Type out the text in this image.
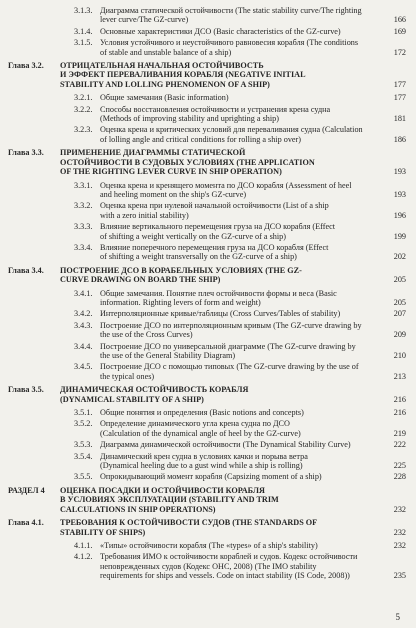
3.1.3. Диаграмма статической остойчивости (The static stability curve/The righting
lever curve/The GZ-curve)	166
3.1.4. Основные характеристики ДСО (Basic characteristics of the GZ-curve)	169
3.1.5. Условия устойчивого и неустойчивого равновесия корабля (The conditions
of stable and unstable balance of a ship)	172
Глава 3.2.	ОТРИЦАТЕЛЬНАЯ НАЧАЛЬНАЯ ОСТОЙЧИВОСТЬ
И ЭФФЕКТ ПЕРЕВАЛИВАНИЯ КОРАБЛЯ (NEGATIVE INITIAL
STABILITY AND LOLLING PHENOMENON OF A SHIP)	177
3.2.1. Общие замечания (Basic information)	177
3.2.2. Способы восстановления остойчивости и устранения крена судна
(Methods of improving stability and uprighting a ship)	181
3.2.3. Оценка крена и критических условий для переваливания судна (Calculation
of lolling angle and critical conditions for rolling a ship over)	186
Глава 3.3.	ПРИМЕНЕНИЕ ДИАГРАММЫ СТАТИЧЕСКОЙ
ОСТОЙЧИВОСТИ В СУДОВЫХ УСЛОВИЯХ (THE APPLICATION
OF THE RIGHTING LEVER CURVE IN SHIP OPERATION)	193
3.3.1. Оценка крена и кренящего момента по ДСО корабля (Assessment of heel
and heeling moment on the ship's GZ-curve)	193
3.3.2. Оценка крена при нулевой начальной остойчивости (List of a ship
with a zero initial stability)	196
3.3.3. Влияние вертикального перемещения груза на ДСО корабля (Effect
of shifting a weight vertically on the GZ-curve of a ship)	199
3.3.4. Влияние поперечного перемещения груза на ДСО корабля (Effect
of shifting a weight transversally on the GZ-curve of a ship)	202
Глава 3.4.	ПОСТРОЕНИЕ ДСО В КОРАБЕЛЬНЫХ УСЛОВИЯХ (THE GZ-
CURVE DRAWING ON BOARD THE SHIP)	205
3.4.1. Общие замечания. Понятие плеч остойчивости формы и веса (Basic
information. Righting levers of form and weight)	205
3.4.2. Интерполяционные кривые/таблицы (Cross Curves/Tables of stability)	207
3.4.3. Построение ДСО по интерполяционным кривым (The GZ-curve drawing by
the use of the Cross Curves)	209
3.4.4. Построение ДСО по универсальной диаграмме (The GZ-curve drawing by
the use of the General Stability Diagram)	210
3.4.5. Построение ДСО с помощью типовых (The GZ-curve drawing by the use of
the typical ones)	213
Глава 3.5.	ДИНАМИЧЕСКАЯ ОСТОЙЧИВОСТЬ КОРАБЛЯ
(DYNAMICAL STABILITY OF A SHIP)	216
3.5.1. Общие понятия и определения (Basic notions and concepts)	216
3.5.2. Определение динамического угла крена судна по ДСО
(Calculation of the dynamical angle of heel by the GZ-curve)	219
3.5.3. Диаграмма динамической остойчивости (The Dynamical Stability Curve)	222
3.5.4. Динамический крен судна в условиях качки и порыва ветра
(Dynamical heeling due to a gust wind while a ship is rolling)	225
3.5.5. Опрокидывающий момент корабля (Capsizing moment of a ship)	228
РАЗДЕЛ 4	ОЦЕНКА ПОСАДКИ И ОСТОЙЧИВОСТИ КОРАБЛЯ
В УСЛОВИЯХ ЭКСПЛУАТАЦИИ (STABILITY AND TRIM
CALCULATIONS IN SHIP OPERATIONS)	232
Глава 4.1.	ТРЕБОВАНИЯ К ОСТОЙЧИВОСТИ СУДОВ (THE STANDARDS OF
STABILITY OF SHIPS)	232
4.1.1. «Типы» остойчивости корабля (The «types» of a ship's stability)	232
4.1.2. Требования ИМО к остойчивости кораблей и судов. Кодекс остойчивости
неповрежденных судов (Кодекс ОНС, 2008) (The IMO stability
requirements for ships and vessels. Code on intact stability (IS Code, 2008))	235
5
